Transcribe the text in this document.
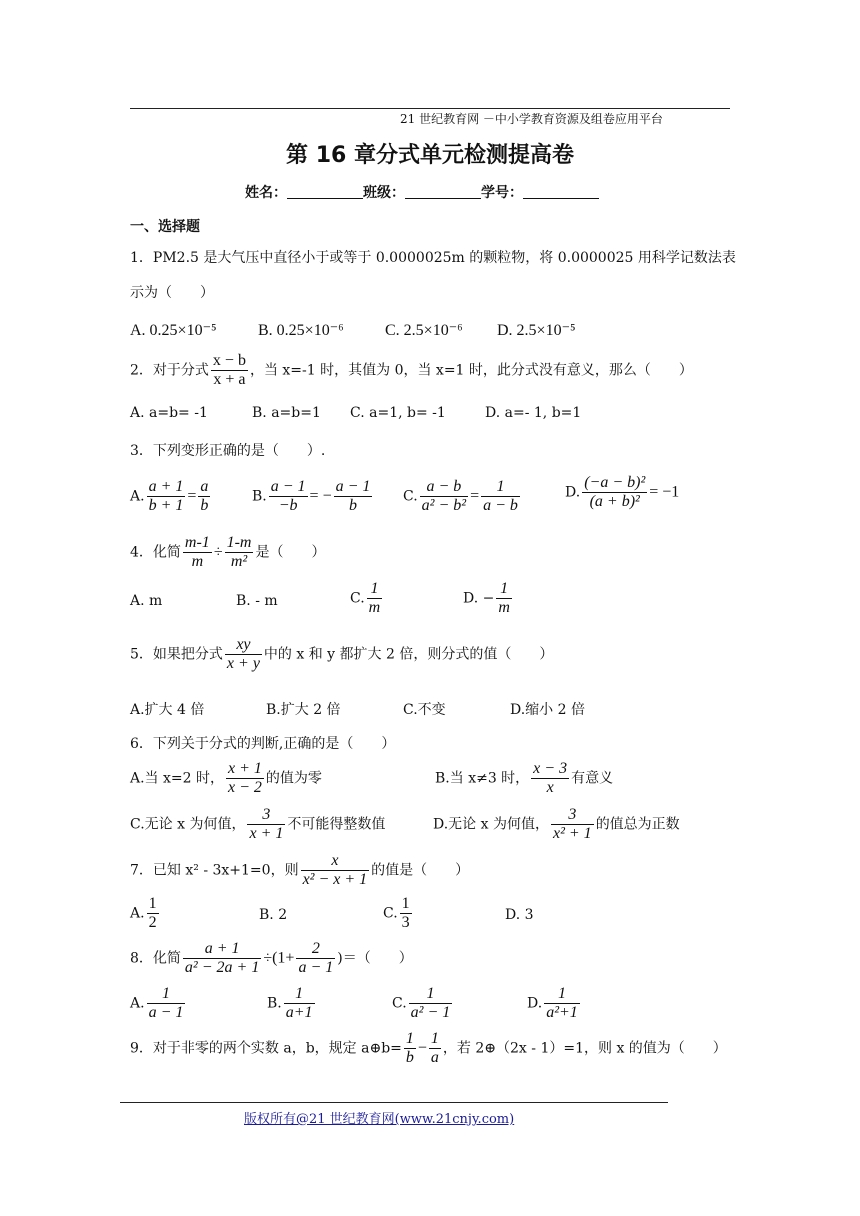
21 世纪教育网 －中小学教育资源及组卷应用平台
第 16 章分式单元检测提高卷
姓名：	班级：	学号：
一、选择题
1．PM2.5 是大气压中直径小于或等于 0.0000025m 的颗粒物，将 0.0000025 用科学记数法表
示为（　　）
A. 0.25×10⁻⁵	B. 0.25×10⁻⁶	C. 2.5×10⁻⁶ D. 2.5×10⁻⁵
2．对于分式 $\frac{x - b}{x + a}$ ，当 x=-1 时，其值为 0，当 x=1 时，此分式没有意义，那么（　　）
A. a=b= -1	B. a=b=1 C. a=1, b= -1	D. a=- 1, b=1
3．下列变形正确的是（　　）.
A. $\frac{a + 1}{b + 1} = \frac{a}{b}$	B. $\frac{a - 1}{-b}$ = − $\frac{a - 1}{b} C$. $\frac{a - b}{\text{a² − b²}} = \frac{1}{a - b}$	D. $\frac{\text{(−a − b)²}}{\text{(a + b)²}} = -1$
4．化简 $\frac{m-1}{m} \div \frac{1-m}{\text{m²}}$ 是（　　）
A. m	B. - m	C. $\frac{1}{m}$	D. − $\frac{1}{m}$
5．如果把分式 $\frac{xy}{x + y}$ 中的 x 和 y 都扩大 2 倍，则分式的值（　　）
A.扩大 4 倍	B.扩大 2 倍	C.不变	D.缩小 2 倍
6．下列关于分式的判断,正确的是（　　）
A.当 x=2 时， $\frac{x + 1}{x - 2}$ 的值为零	B.当 x≠3 时， $\frac{x - 3}{x}$ 有意义
C.无论 x 为何值， $\frac{3}{x + 1}$ 不可能得整数值	D.无论 x 为何值， $\frac{3}{\text{x² + 1}}$ 的值总为正数
7．已知 x² - 3x+1=0，则 $\frac{x}{\text{x² − x + 1}}$ 的值是（　　）
A. $\frac{1}{2}$	B. 2	C. $\frac{1}{3}$	D. 3
8．化简 $\frac{a + 1}{\text{a² − 2a + 1}} \div(1+ \frac{2}{a - 1}$ )＝（　　）
A. $\frac{1}{a - 1}$	B. $\frac{1}{a+1}$	C. $\frac{1}{\text{a² − 1}}$	D. $\frac{1}{\text{a²+1}}$
9．对于非零的两个实数 a，b，规定 a⊕b= $\frac{1}{b} - \frac{1}{a}$ ，若 2⊕（2x - 1）=1，则 x 的值为（　　）
版权所有@21 世纪教育网(www.21cnjy.com)
